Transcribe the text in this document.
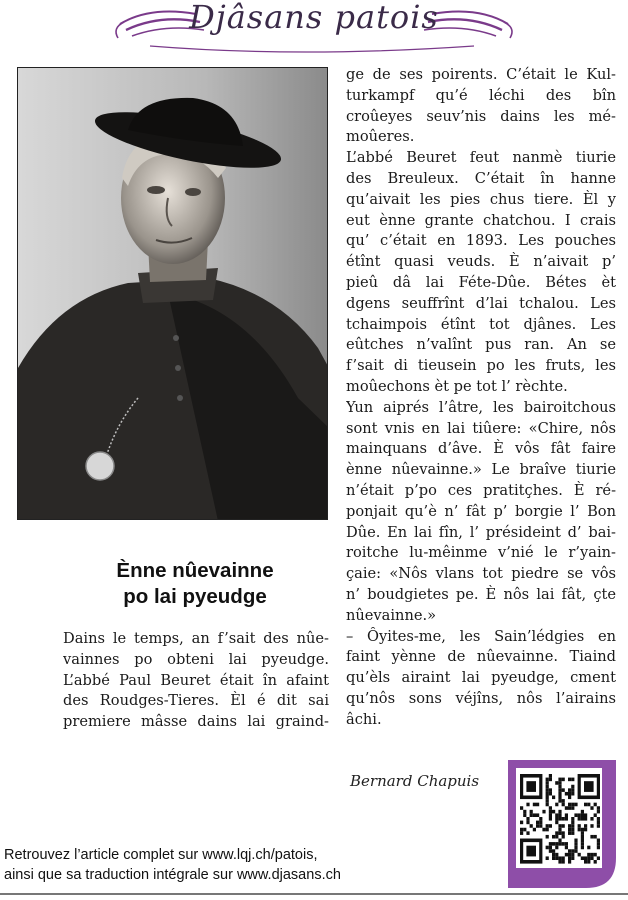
Djâsans patois
Ènne nûevainne
po lai pyeudge
Dains le temps, an f’sait des nûe-
vainnes po obteni lai pyeudge.
L’abbé Paul Beuret était în afaint
des Roudges-Tieres. Èl é dit sai
premiere mâsse dains lai graind-
ge de ses poirents. C’était le Kul-
turkampf qu’é léchi des bîn
croûeyes seuv’nis dains les mé-
moûeres.
L’abbé Beuret feut nanmè tiurie
des Breuleux. C’était în hanne
qu’aivait les pies chus tiere. Èl y
eut ènne grante chatchou. I crais
qu’ c’était en 1893. Les pouches
étînt quasi veuds. È n’aivait p’
pieû dâ lai Féte-Dûe. Bétes èt
dgens seuffrînt d’lai tchalou. Les
tchaimpois étînt tot djânes. Les
eûtches n’valînt pus ran. An se
f’sait di tieusein po les fruts, les
moûechons èt pe tot l’ rèchte.
Yun aiprés l’âtre, les bairoitchous
sont vnis en lai tiûere: «Chire, nôs
mainquans d’âve. È vôs fât faire
ènne nûevainne.» Le braîve tiurie
n’était p’po ces pratitçhes. È ré-
ponjait qu’è n’ fât p’ borgie l’ Bon
Dûe. En lai fîn, l’ présideint d’ bai-
roitche lu-mêinme v’nié le r’yain-
çaie: «Nôs vlans tot piedre se vôs
n’ boudgietes pe. È nôs lai fât, çte
nûevainne.»
– Ôyites-me, les Sain’lédgies en
faint yènne de nûevainne. Tiaind
qu’èls airaint lai pyeudge, cment
qu’nôs sons véjîns, nôs l’airains
âchi.
Bernard Chapuis
Retrouvez l’article complet sur www.lqj.ch/patois,
ainsi que sa traduction intégrale sur www.djasans.ch
